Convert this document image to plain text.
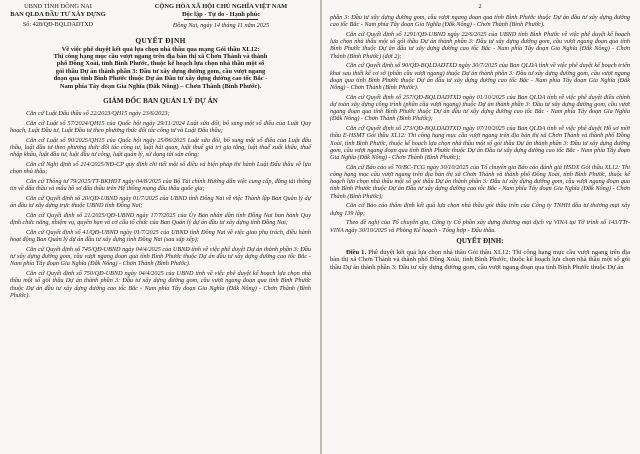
UBND TỈNH ĐỒNG NAI
BAN QLDA ĐẦU TƯ XÂY DỰNG
Số: 428/QĐ-BQLDADTXD
CỘNG HÒA XÃ HỘI CHỦ NGHĨA VIỆT NAM
Độc lập - Tự do - Hạnh phúc
Đồng Nai, ngày 14 tháng 11 năm 2025
QUYẾT ĐỊNH
Về việc phê duyệt kết quả lựa chọn nhà thầu qua mạng Gói thầu XL12:
Thi công hạng mục cầu vượt ngang trên địa bàn thị xã Chơn Thành và thành
phố Đồng Xoài, tỉnh Bình Phước, thuộc kế hoạch lựa chọn nhà thầu một số
gói thầu Dự án thành phần 3: Đầu tư xây dựng đường gom, cầu vượt ngang
đoạn qua tỉnh Bình Phước thuộc Dự án Đầu tư xây dựng đường cao tốc Bắc -
Nam phía Tây đoạn Gia Nghĩa (Đắk Nông) – Chơn Thành (Bình Phước).
GIÁM ĐỐC BAN QUẢN LÝ DỰ ÁN

Căn cứ Luật Đấu thầu số 22/2023/QH15 ngày 23/6/2023;

Căn cứ Luật số 57/2024/QH15 của Quốc hội ngày 29/11/2024 Luật sửa đổi, bổ sung một số điều của Luật Quy hoạch, Luật Đầu tư, Luật Đầu tư theo phương thức đối tác công tư và Luật Đấu thầu;

Căn cứ Luật số 90/2025/QH15 của Quốc hội ngày 25/06/2025 Luật sửa đổi, bổ sung một số điều của Luật đấu thầu, luật đầu tư theo phương thức đối tác công tư, luật hải quan, luật thuế giá trị gia tăng, luật thuế xuất khẩu, thuế nhập khẩu, luật đầu tư, luật đầu tư công, luật quản lý, sử dụng tài sản công;

Căn cứ Nghị định số 214/2025/NĐ-CP quy định chi tiết một số điều và biện pháp thi hành Luật Đấu thầu về lựa chọn nhà thầu;

Căn cứ Thông tư 79/2025/TT-BKHĐT ngày 04/8/2025 của Bộ Tài chính Hướng dẫn việc cung cấp, đăng tải thông tin về đấu thầu và mẫu hồ sơ đấu thầu trên Hệ thống mạng đấu thầu quốc gia;

Căn cứ Quyết định số 20/QĐ-UBND ngày 01/7/2025 của UBND tỉnh Đồng Nai về việc Thành lập Ban Quản lý dự án đầu tư xây dựng trực thuộc UBND tỉnh Đồng Nai;

Căn cứ Quyết định số 21/2025/QĐ-UBND ngày 17/7/2025 của Ủy Ban nhân dân tỉnh Đồng Nai ban hành Quy định chức năng, nhiệm vụ, quyền hạn và cơ cấu tổ chức của Ban Quản lý dự án đầu tư xây dựng tỉnh Đồng Nai;

Căn cứ Quyết định số 41/QĐ-UBND ngày 01/7/2025 của UBND tỉnh Đồng Nai về việc giao phụ trách, điều hành hoạt động Ban Quản lý dự án đầu tư xây dựng tỉnh Đồng Nai (sau sáp xếp);

Căn cứ Quyết định số 745/QĐ-UBND ngày 04/4/2025 của UBND tỉnh về việc phê duyệt Dự án thành phần 3: Đầu tư xây dựng đường gom, cầu vượt ngang đoạn qua tỉnh Bình Phước thuộc Dự án đầu tư xây dựng đường cao tốc Bắc - Nam phía Tây đoạn Gia Nghĩa (Đắk Nông) - Chơn Thành (Bình Phước).

Căn cứ Quyết định số 750/QĐ-UBND ngày 04/4/2025 của UBND tỉnh về việc phê duyệt kế hoạch lựa chọn nhà thầu một số gói thầu Dự án thành phần 3: Đầu tư xây dựng đường gom, cầu vượt ngang đoạn qua tỉnh Bình Phước thuộc Dự án đầu tư xây dựng đường cao tốc Bắc - Nam phía Tây đoạn Gia Nghĩa (Đắk Nông) - Chơn Thành (Bình Phước).

2

phần 3: Đầu tư xây dựng đường gom, cầu vượt ngang đoạn qua tỉnh Bình Phước thuộc Dự án đầu tư xây dựng đường cao tốc Bắc - Nam phía Tây đoạn Gia Nghĩa (Đắk Nông) - Chơn Thành (Bình Phước).

Căn cứ Quyết định số 1291/QĐ-UBND ngày 22/6/2025 của UBND tỉnh Bình Phước về việc phê duyệt kế hoạch lựa chọn nhà thầu một số gói thầu Dự án thành phần 3: Đầu tư xây dựng đường gom, cầu vượt ngang đoạn qua tỉnh Bình Phước thuộc Dự án đầu tư xây dựng đường cao tốc Bắc - Nam phía Tây đoạn Gia Nghĩa (Đắk Nông) - Chơn Thành (Bình Phước) (đợt 2);

Căn cứ Quyết định số 90/QĐ-BQLDADTXD ngày 30/7/2025 của Ban QLDA tỉnh về việc phê duyệt kế hoạch triển khai sau thiết kế cơ sở (phần cầu vượt ngang) thuộc Dự án thành phần 3: Đầu tư xây dựng đường gom, cầu vượt ngang đoạn qua tỉnh Bình Phước thuộc Dự án đầu tư xây dựng đường cao tốc Bắc - Nam phía Tây đoạn Gia Nghĩa (Đắk Nông) - Chơn Thành (Bình Phước).

Căn cứ Quyết định số 257/QĐ-BQLDADTXD ngày 01/10/2025 của Ban QLDA tỉnh về việc phê duyệt điều chỉnh dự toán xây dựng công trình (phần cầu vượt ngang) thuộc Dự án thành phần 3: Đầu tư xây dựng đường gom, cầu vượt ngang đoạn qua tỉnh Bình Phước thuộc Dự án đầu tư xây dựng đường cao tốc Bắc - Nam phía Tây đoạn Gia Nghĩa (Đắk Nông) - Chơn Thành (Bình Phước);

Căn cứ Quyết định số 273/QĐ-BQLDADTXD ngày 07/10/2025 của Ban QLDA tỉnh về việc phê duyệt Hồ sơ mời thầu E-HSMT Gói thầu XL12: Thi công hạng mục cầu vượt ngang trên địa bàn thị xã Chơn Thành và thành phố Đồng Xoài, tỉnh Bình Phước, thuộc kế hoạch lựa chọn nhà thầu một số gói thầu Dự án thành phần 3: Đầu tư xây dựng đường gom, cầu vượt ngang đoạn qua tỉnh Bình Phước thuộc Dự án Đầu tư xây dựng đường cao tốc Bắc - Nam phía Tây đoạn Gia Nghĩa (Đắk Nông) - Chơn Thành (Bình Phước);

Căn cứ Báo cáo số 70/BC-TCG ngày 30/10/2025 của Tổ chuyên gia Báo cáo đánh giá HSDX Gói thầu XL12: Thi công hạng mục cầu vượt ngang trên địa bàn thị xã Chơn Thành và thành phố Đồng Xoài, tỉnh Bình Phước, thuộc kế hoạch lựa chọn nhà thầu một số gói thầu Dự án thành phần 3: Đầu tư xây dựng đường gom, cầu vượt ngang đoạn qua tỉnh Bình Phước thuộc Dự án Đầu tư xây dựng đường cao tốc Bắc - Nam phía Tây đoạn Gia Nghĩa (Đắk Nông) - Chơn Thành (Bình Phước);

Căn cứ Báo cáo thẩm định kết quả lựa chọn nhà thầu gói thầu trên của Công ty TNHH đầu tư thương mại xây dựng 139 lập;

Theo đề nghị của Tổ chuyên gia, Công ty Cổ phần xây dựng thương mại dịch vụ VINA tại Tờ trình số 143/TTr-VINA ngày 30/10/2025 và Phòng Kế hoạch - Tổng hợp - Đấu thầu.

QUYẾT ĐỊNH:

Điều 1. Phê duyệt kết quả lựa chọn nhà thầu Gói thầu XL12: Thi công hạng mục cầu vượt ngang trên địa bàn thị xã Chơn Thành và thành phố Đồng Xoài, tỉnh Bình Phước, thuộc kế hoạch lựa chọn nhà thầu một số gói thầu Dự án thành phần 3: Đầu tư xây dựng đường gom, cầu vượt ngang đoạn qua tỉnh Bình Phước thuộc Dự án
